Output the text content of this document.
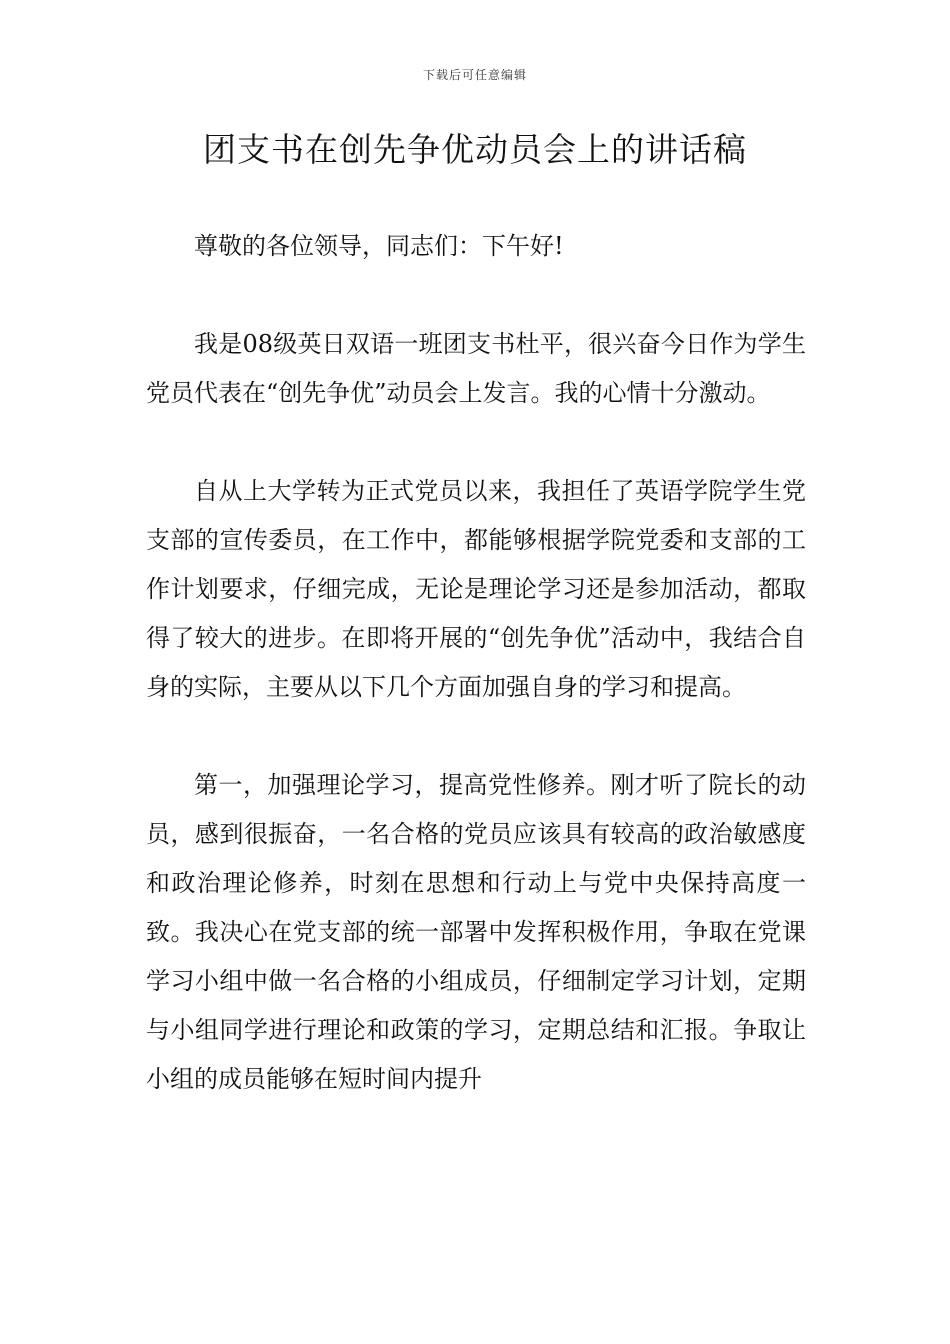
下载后可任意编辑
团支书在创先争优动员会上的讲话稿

尊敬的各位领导，同志们：下午好!

我是08级英日双语一班团支书杜平，很兴奋今日作为学生党员代表在“创先争优”动员会上发言。我的心情十分激动。

自从上大学转为正式党员以来，我担任了英语学院学生党支部的宣传委员，在工作中，都能够根据学院党委和支部的工作计划要求，仔细完成，无论是理论学习还是参加活动，都取得了较大的进步。在即将开展的“创先争优”活动中，我结合自身的实际，主要从以下几个方面加强自身的学习和提高。

第一，加强理论学习，提高党性修养。刚才听了院长的动员，感到很振奋，一名合格的党员应该具有较高的政治敏感度和政治理论修养，时刻在思想和行动上与党中央保持高度一致。我决心在党支部的统一部署中发挥积极作用，争取在党课学习小组中做一名合格的小组成员，仔细制定学习计划，定期与小组同学进行理论和政策的学习，定期总结和汇报。争取让小组的成员能够在短时间内提升
